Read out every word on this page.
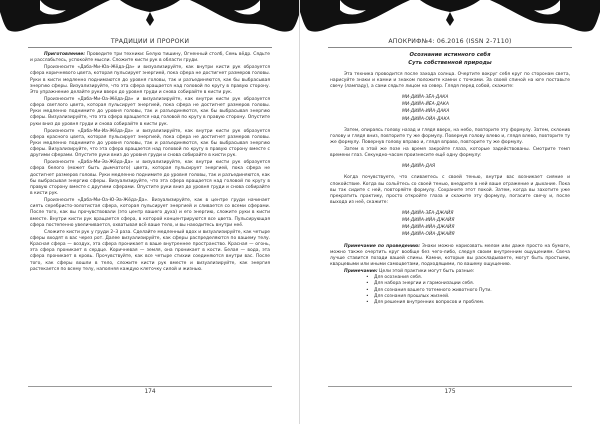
ТРАДИЦИИ И ПРОРОКИ

Приготовление: Проведите три техники: Белую тишину, Огненный столб, Семь вёдр. Сядьте и расслабьтесь, успокойте мысли. Сложите кисти рук в области груди.

Произнесите «Даба-Ми-Юа-Жёда-Да» и визуализируйте, как внутри кисти рук образуется сфера коричневого цвета, которая пульсирует энергией, пока сфера не достигнет размеров головы. Руки в кисти медленно поднимаются до уровня головы, так и разъединяются, как бы выбрасывая энергию сферы. Визуализируйте, что эта сфера вращается над головой по кругу в правую сторону. Это упражнение делайте руки вверх до уровня груди и снова собирайте в кисти рук.

Произнесите «Даба-Ми-Оа-Жёда-Да» и визуализируйте, как внутри кисти рук образуется сфера светлого цвета, которая пульсирует энергией, пока сфера не достигнет размеров головы. Руки медленно поднимите до уровня головы, так и разъединяются, как бы выбрасывая энергию сферы. Визуализируйте, что эта сфера вращается над головой по кругу в правую сторону. Опустите руки вниз до уровня груди и снова собирайте в кисти рук.

Произнесите «Даба-Ми-Иа-Жёда-Да» и визуализируйте, как внутри кисти рук образуется сфера красного цвета, которая пульсирует энергией, пока сфера не достигнет размеров головы. Руки медленно поднимите до уровня головы, так и разъединяются, как бы выбрасывая энергию сферы. Визуализируйте, что эта сфера вращается над головой по кругу в правую сторону вместе с другими сферами. Опустите руки вниз до уровня груди и снова собирайте в кисти рук.

Произнесите «Даба-Ми-Эа-Жёда-Да» и визуализируйте, как внутри кисти рук образуется сфера белого (может быть дымчатого) цвета, которая пульсирует энергией, пока сфера не достигнет размеров головы. Руки медленно поднимите до уровня головы, так и разъединяются, как бы выбрасывая энергию сферы. Визуализируйте, что эта сфера вращается над головой по кругу в правую сторону вместе с другими сферами. Опустите руки вниз до уровня груди и снова собирайте в кисти рук.

Произнесите «Даба-Ми-Оа-Ю-Эа-Жёда-Да». Визуализируйте, как в центре груди начинает сиять серебристо-золотистая сфера, которая пульсирует энергией и сливается со всеми сферами. После того, как вы прочувствовали (это центр вашего духа) и его энергию, сложите руки в кисти вместе. Внутри кисти рук вращается сфера, в которой концентрируются все цвета. Пульсирующая сфера постепенно увеличивается, охватывая всё ваше тело, и вы находитесь внутри неё.

Сложите кисти рук у груди 2–3 раза. Сделайте медленный вдох и визуализируйте, как четыре сферы входят в вас через рот. Далее визуализируйте, как сферы распределяются по вашему телу. Красная сфера — воздух, эта сфера проникает в ваше внутреннее пространство. Красная — огонь, эта сфера проникает в сердце. Коричневая — земля, она проникает в кости. Белая — вода, эта сфера проникает в кровь. Прочувствуйте, как все четыре стихии соединяются внутри вас. После того, как сферы вошли в тело, сложите кисти рук вместе и визуализируйте, как энергия растекается по всему телу, наполняя каждую клеточку силой и жизнью.

174
АПОКРИФ№4: 06.2016 (ISSN 2-7110)

Осознание истинного себя

Суть собственной природы

Эта техника проводится после захода солнца. Очертите вокруг себя круг по сторонам света, нарисуйте знаки и камни и знаком положите камни с точками. За своей спиной на юге поставьте свечу (лампаду), а сами сядьте лицом на север. Глядя перед собой, скажите:

МИ-ДИЙА-ЗЁА-ДАКА

МИ-ДИЙА-ЙЁА-ДАКА

МИ-ДИЙА-ИЙА-ДАКА

МИ-ДИЙА-ОЙА-ДАКА

Затем, опираясь голову назад и глядя вверх, на небо, повторите эту формулу. Затем, склонив голову и глядя вниз, повторите ту же формулу. Повернув голову влево и, глядя влево, повторите ту же формулу. Повернув голову вправо и, глядя вправо, повторите ту же формулу.

Затем в этой же позе на время закройте глаза, которые задействованы. Смотрите темп времени глаз. Секундно-часом произнесите ещё одну формулу:

МИ-ДИЙА-ДАЯ

Когда почувствуете, что сливаетесь с своей тенью, внутри вас возникает сияние и спокойствие. Когда вы сольётесь со своей тенью, внедрите в ней ваше отражение и дыхание. Пока вы так сидите с ней, повторяйте формулу. Сохраните этот покой. Затем, когда вы захотите уже прекратить практику, просто откройте глаза и скажите эту формулу, погасите свечу и, после выхода из неё, скажите:

МИ-ДИЙА-ЗЁА-ДЖАЙЯ

МИ-ДИЙА-ИЙА-ДЖАЙЯ

МИ-ДИЙА-ИЙА-ДЖАЙЯ

МИ-ДИЙА-ОЙА-ДЖАЙЯ

Примечание по проведению: Знаки можно нарисовать мелом или даже просто на бумаге, можно также очертить круг вообще без чего-либо, следуя своим внутренним ощущениям. Свеча лучше ставится позади вашей спины. Камни, которые вы раскладываете, могут быть простыми, кварцевыми или иными самоцветами, подходящими, по вашему ощущению.

Примечание: Цели этой практики могут быть разные:

• Для осознания себя.
• Для набора энергии и гармонизации себя.
• Для сознания вашего тотемного животного Пути.
• Для сознания прошлых жизней.
• Для решения внутренних вопросов и проблем.
175
